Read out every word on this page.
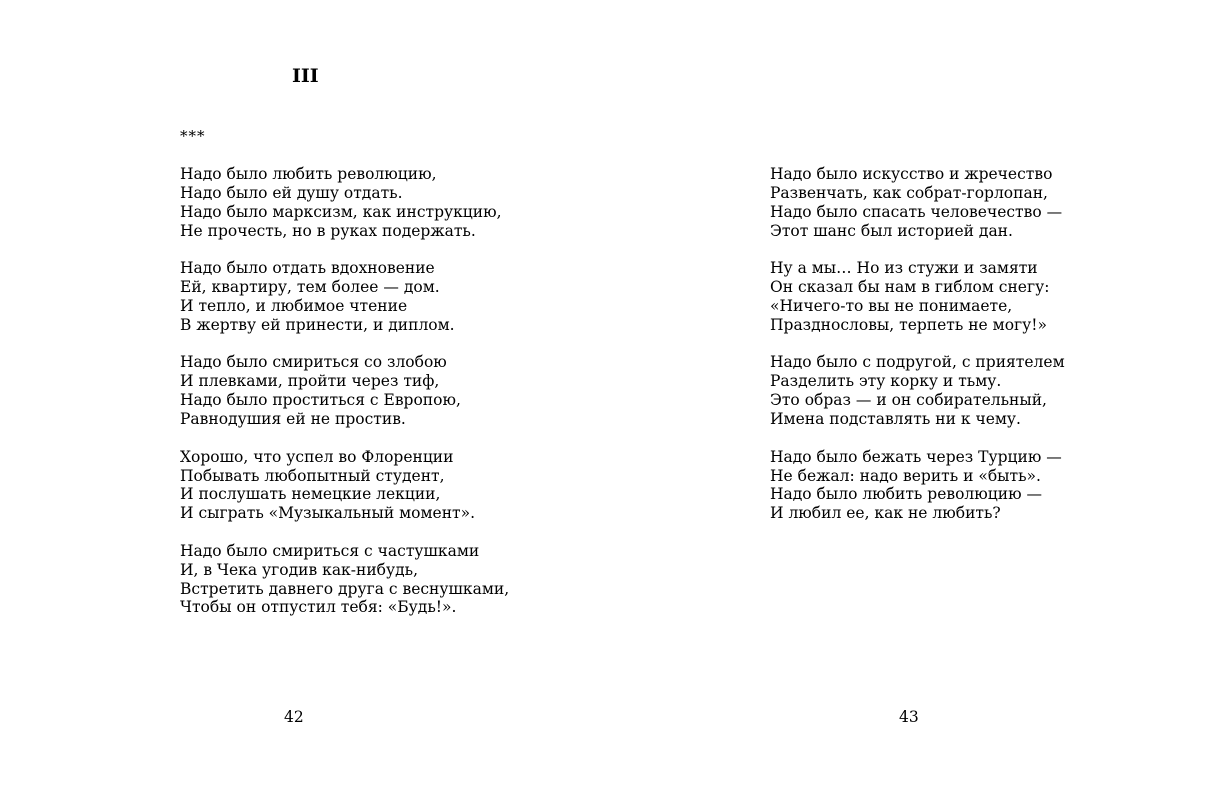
III
***
Надо было любить революцию,
Надо было ей душу отдать.
Надо было марксизм, как инструкцию,
Не прочесть, но в руках подержать.
Надо было отдать вдохновение
Ей, квартиру, тем более — дом.
И тепло, и любимое чтение
В жертву ей принести, и диплом.
Надо было смириться со злобою
И плевками, пройти через тиф,
Надо было проститься с Европою,
Равнодушия ей не простив.
Хорошо, что успел во Флоренции
Побывать любопытный студент,
И послушать немецкие лекции,
И сыграть «Музыкальный момент».
Надо было смириться с частушками
И, в Чека угодив как-нибудь,
Встретить давнего друга с веснушками,
Чтобы он отпустил тебя: «Будь!».
42
Надо было искусство и жречество
Развенчать, как собрат-горлопан,
Надо было спасать человечество —
Этот шанс был историей дан.
Ну а мы… Но из стужи и замяти
Он сказал бы нам в гиблом снегу:
«Ничего-то вы не понимаете,
Празднословы, терпеть не могу!»
Надо было с подругой, с приятелем
Разделить эту корку и тьму.
Это образ — и он собирательный,
Имена подставлять ни к чему.
Надо было бежать через Турцию —
Не бежал: надо верить и «быть».
Надо было любить революцию —
И любил ее, как не любить?
43
